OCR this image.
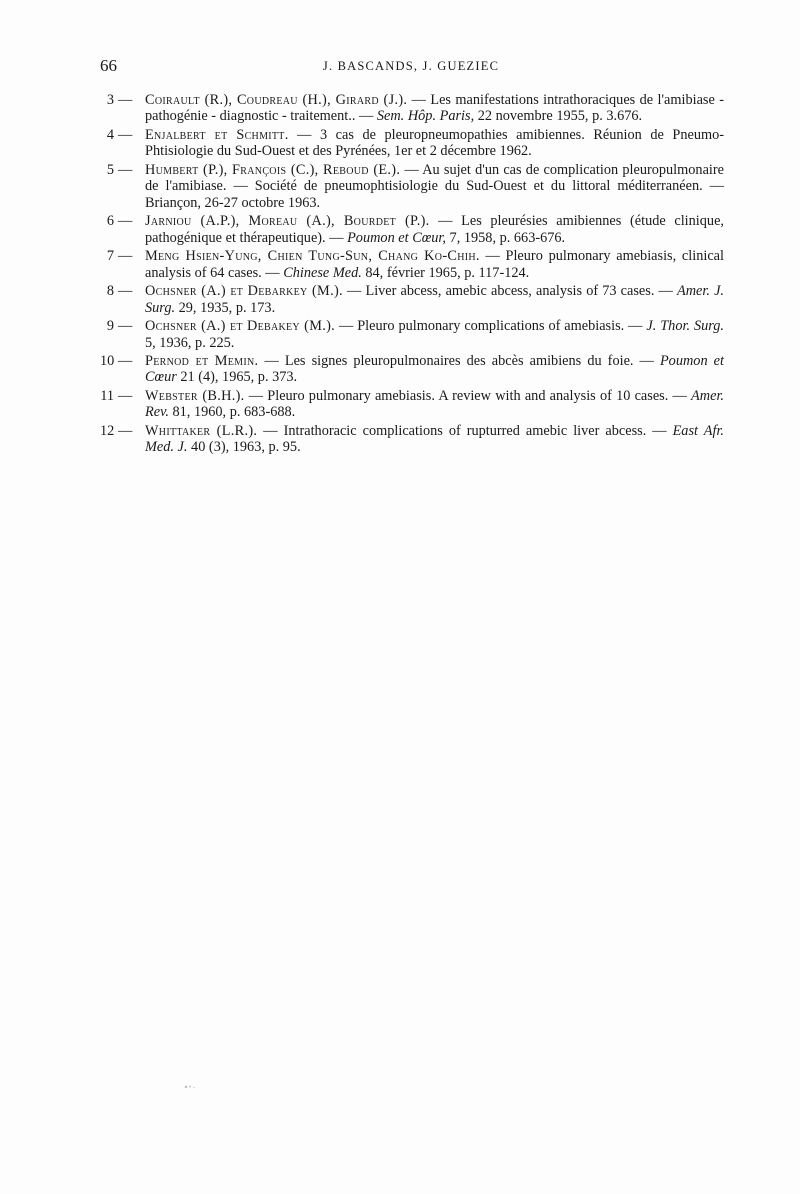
66	J. BASCANDS, J. GUEZIEC
3 — Coirault (R.), Coudreau (H.), Girard (J.). — Les manifestations intrathoraciques de l'amibiase - pathogénie - diagnostic - traitement.. — Sem. Hôp. Paris, 22 novembre 1955, p. 3.676.
4 — Enjalbert et Schmitt. — 3 cas de pleuropneumopathies amibiennes. Réunion de Pneumo-Phtisiologie du Sud-Ouest et des Pyrénées, 1er et 2 décembre 1962.
5 — Humbert (P.), François (C.), Reboud (E.). — Au sujet d'un cas de complication pleuropulmonaire de l'amibiase. — Société de pneumophtisiologie du Sud-Ouest et du littoral méditerranéen. — Briançon, 26-27 octobre 1963.
6 — Jarniou (A.P.), Moreau (A.), Bourdet (P.). — Les pleurésies amibiennes (étude clinique, pathogénique et thérapeutique). — Poumon et Cœur, 7, 1958, p. 663-676.
7 — Meng Hsien-Yung, Chien Tung-Sun, Chang Ko-Chih. — Pleuro pulmonary amebiasis, clinical analysis of 64 cases. — Chinese Med. 84, février 1965, p. 117-124.
8 — Ochsner (A.) et Debarkey (M.). — Liver abcess, amebic abcess, analysis of 73 cases. — Amer. J. Surg. 29, 1935, p. 173.
9 — Ochsner (A.) et Debakey (M.). — Pleuro pulmonary complications of amebiasis. — J. Thor. Surg. 5, 1936, p. 225.
10 — Pernod et Memin. — Les signes pleuropulmonaires des abcès amibiens du foie. — Poumon et Cœur 21 (4), 1965, p. 373.
11 — Webster (B.H.). — Pleuro pulmonary amebiasis. A review with and analysis of 10 cases. — Amer. Rev. 81, 1960, p. 683-688.
12 — Whittaker (L.R.). — Intrathoracic complications of rupturred amebic liver abcess. — East Afr. Med. J. 40 (3), 1963, p. 95.
